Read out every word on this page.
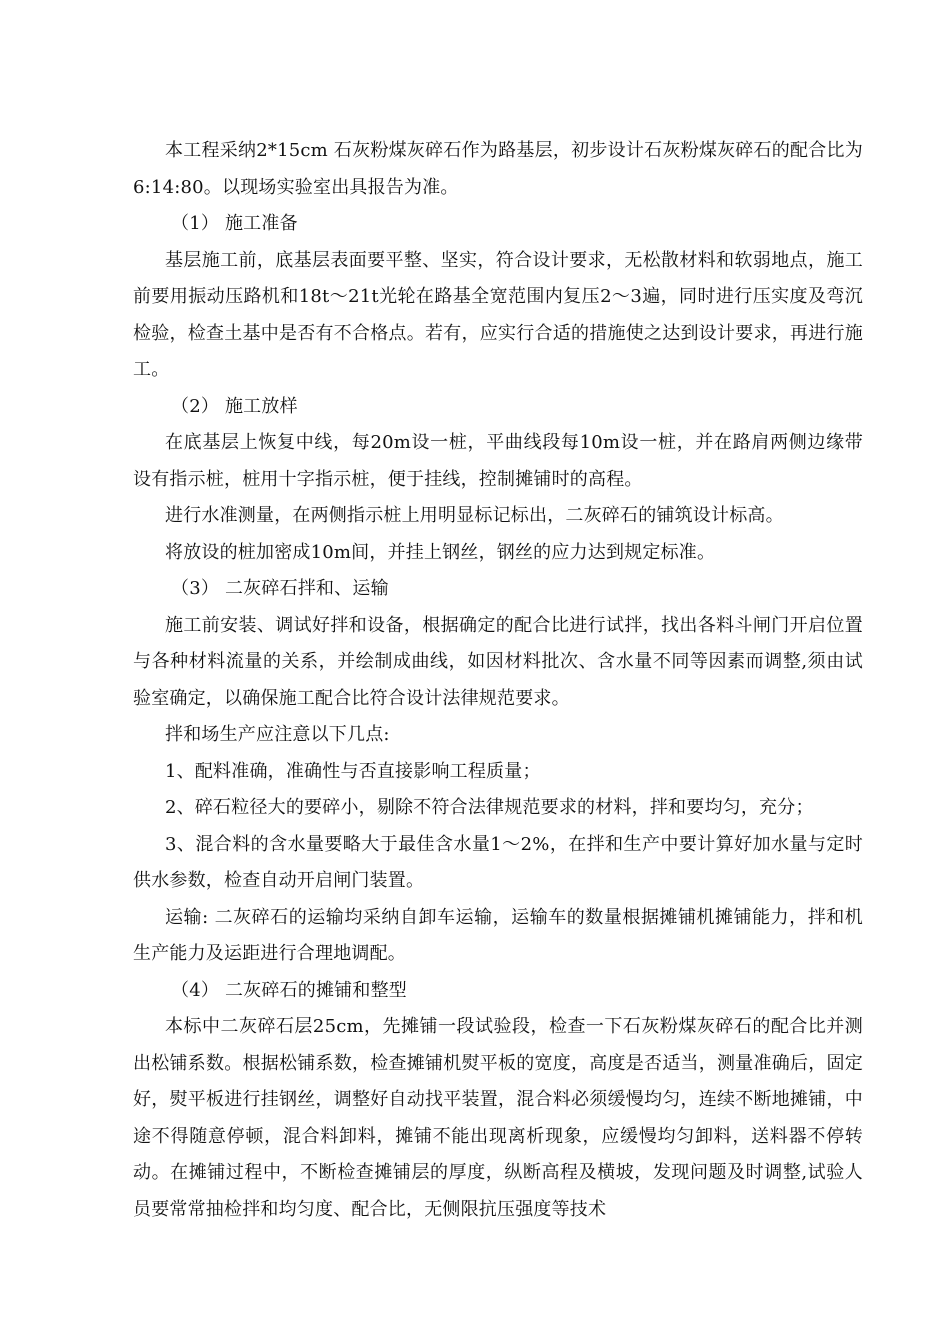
本工程采纳2*15cm 石灰粉煤灰碎石作为路基层，初步设计石灰粉煤灰碎石的配合比为6:14:80。以现场实验室出具报告为准。

（1） 施工准备

基层施工前，底基层表面要平整、坚实，符合设计要求，无松散材料和软弱地点，施工前要用振动压路机和18t～21t光轮在路基全宽范围内复压2～3遍，同时进行压实度及弯沉检验，检查土基中是否有不合格点。若有，应实行合适的措施使之达到设计要求，再进行施工。

（2） 施工放样

在底基层上恢复中线，每20m设一桩，平曲线段每10m设一桩，并在路肩两侧边缘带设有指示桩，桩用十字指示桩，便于挂线，控制摊铺时的高程。

进行水准测量，在两侧指示桩上用明显标记标出，二灰碎石的铺筑设计标高。

将放设的桩加密成10m间，并挂上钢丝，钢丝的应力达到规定标准。

（3） 二灰碎石拌和、运输

施工前安装、调试好拌和设备，根据确定的配合比进行试拌，找出各料斗闸门开启位置与各种材料流量的关系，并绘制成曲线，如因材料批次、含水量不同等因素而调整,须由试验室确定，以确保施工配合比符合设计法律规范要求。

拌和场生产应注意以下几点:

1、配料准确，准确性与否直接影响工程质量；

2、碎石粒径大的要碎小，剔除不符合法律规范要求的材料，拌和要均匀，充分；

3、混合料的含水量要略大于最佳含水量1～2%，在拌和生产中要计算好加水量与定时供水参数，检查自动开启闸门装置。

运输: 二灰碎石的运输均采纳自卸车运输，运输车的数量根据摊铺机摊铺能力，拌和机生产能力及运距进行合理地调配。

（4） 二灰碎石的摊铺和整型

本标中二灰碎石层25cm，先摊铺一段试验段，检查一下石灰粉煤灰碎石的配合比并测出松铺系数。根据松铺系数，检查摊铺机熨平板的宽度，高度是否适当，测量准确后，固定好，熨平板进行挂钢丝，调整好自动找平装置，混合料必须缓慢均匀，连续不断地摊铺，中途不得随意停顿，混合料卸料，摊铺不能出现离析现象，应缓慢均匀卸料，送料器不停转动。在摊铺过程中，不断检查摊铺层的厚度，纵断高程及横坡，发现问题及时调整,试验人员要常常抽检拌和均匀度、配合比，无侧限抗压强度等技术
